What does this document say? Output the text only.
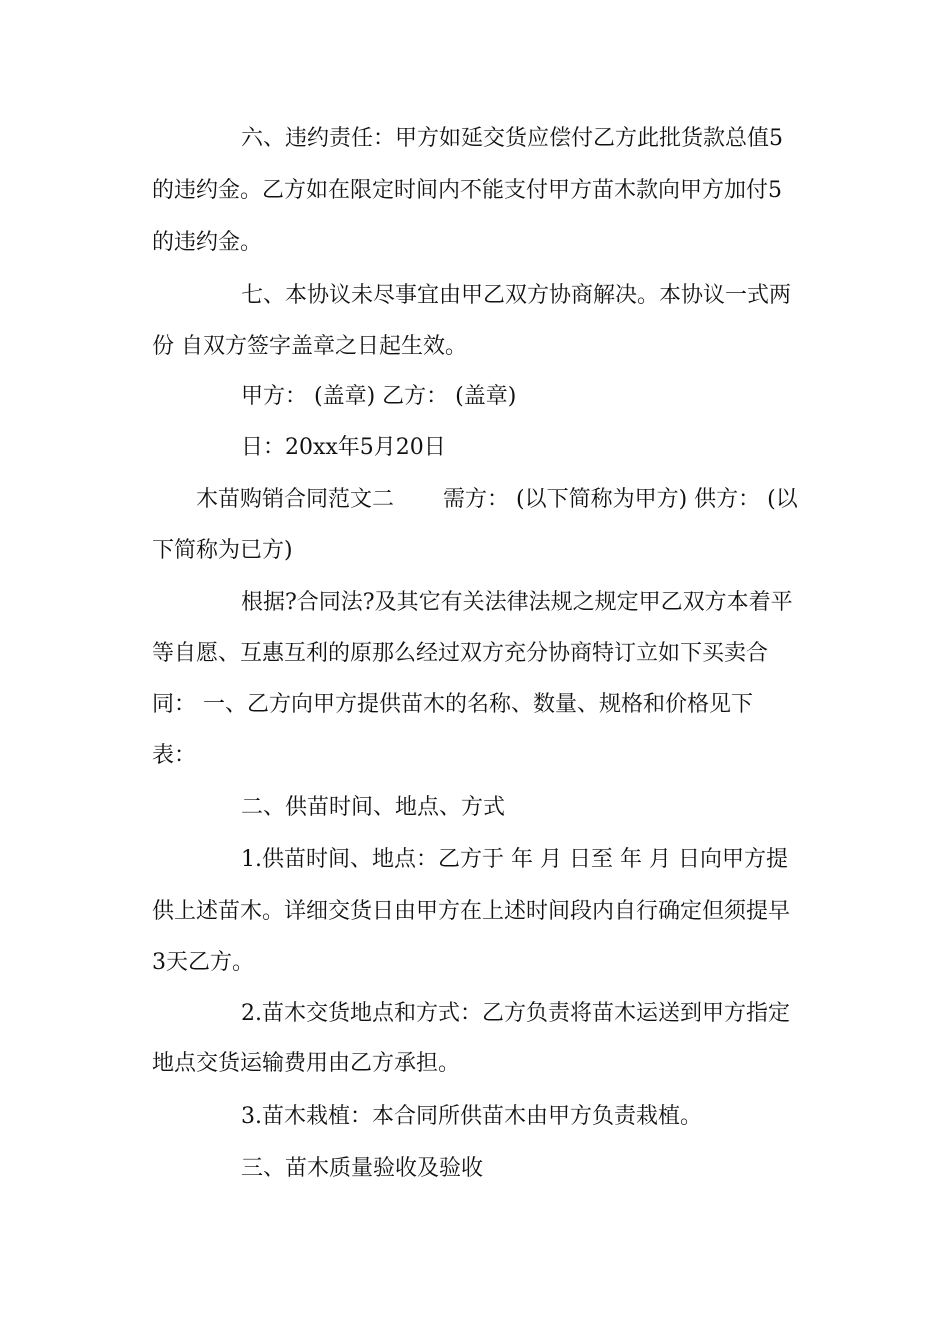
六、违约责任：甲方如延交货应偿付乙方此批货款总值5

的违约金。乙方如在限定时间内不能支付甲方苗木款向甲方加付5

的违约金。

七、本协议未尽事宜由甲乙双方协商解决。本协议一式两

份 自双方签字盖章之日起生效。

甲方： (盖章) 乙方： (盖章)

日：20xx年5月20日

木苗购销合同范文二 需方： (以下简称为甲方) 供方： (以

下简称为已方)

根据?合同法?及其它有关法律法规之规定甲乙双方本着平

等自愿、互惠互利的原那么经过双方充分协商特订立如下买卖合

同： 一、乙方向甲方提供苗木的名称、数量、规格和价格见下

表：

二、供苗时间、地点、方式

1.供苗时间、地点：乙方于 年 月 日至 年 月 日向甲方提

供上述苗木。详细交货日由甲方在上述时间段内自行确定但须提早

3天乙方。

2.苗木交货地点和方式：乙方负责将苗木运送到甲方指定

地点交货运输费用由乙方承担。

3.苗木栽植：本合同所供苗木由甲方负责栽植。

三、苗木质量验收及验收
